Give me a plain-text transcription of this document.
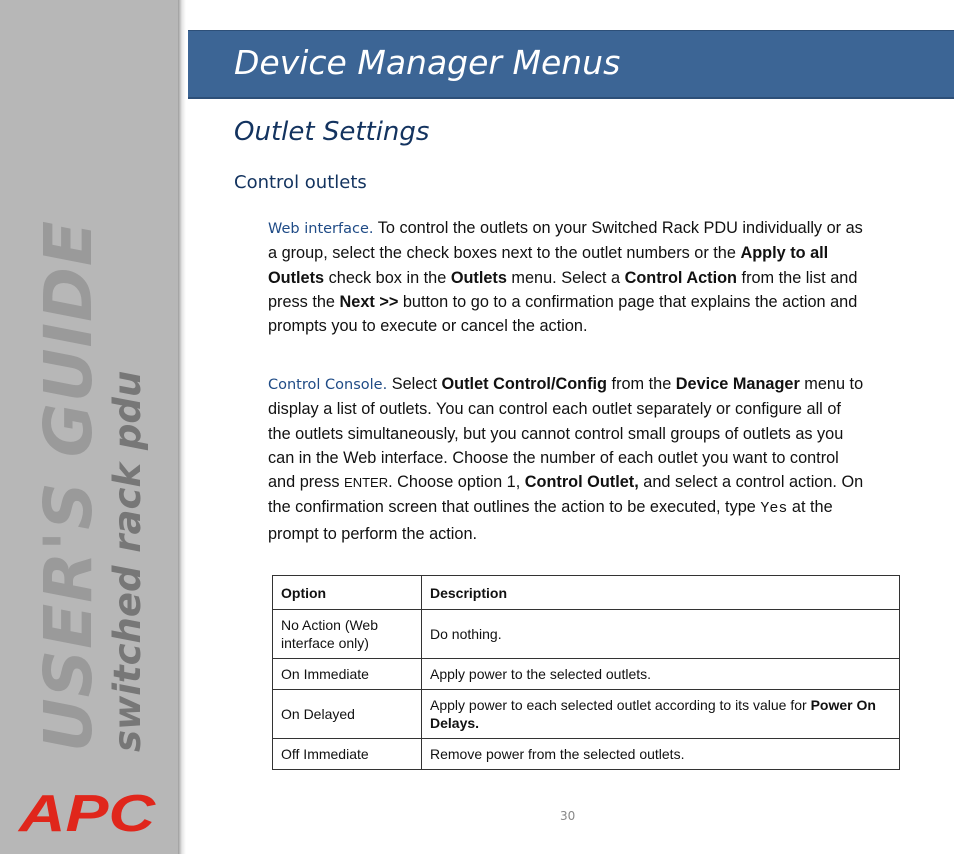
USER'S GUIDE switched rack pdu
APC
Device Manager Menus
Outlet Settings
Control outlets

Web interface. To control the outlets on your Switched Rack PDU individually or as a group, select the check boxes next to the outlet numbers or the Apply to all Outlets check box in the Outlets menu. Select a Control Action from the list and press the Next >> button to go to a confirmation page that explains the action and prompts you to execute or cancel the action.

Control Console. Select Outlet Control/Config from the Device Manager menu to display a list of outlets. You can control each outlet separately or configure all of the outlets simultaneously, but you cannot control small groups of outlets as you can in the Web interface. Choose the number of each outlet you want to control and press ENTER. Choose option 1, Control Outlet, and select a control action. On the confirmation screen that outlines the action to be executed, type Yes at the prompt to perform the action.

Option	Description
No Action (Web interface only)	Do nothing.
On Immediate	Apply power to the selected outlets.
On Delayed	Apply power to each selected outlet according to its value for Power On Delays.
Off Immediate	Remove power from the selected outlets.
30
